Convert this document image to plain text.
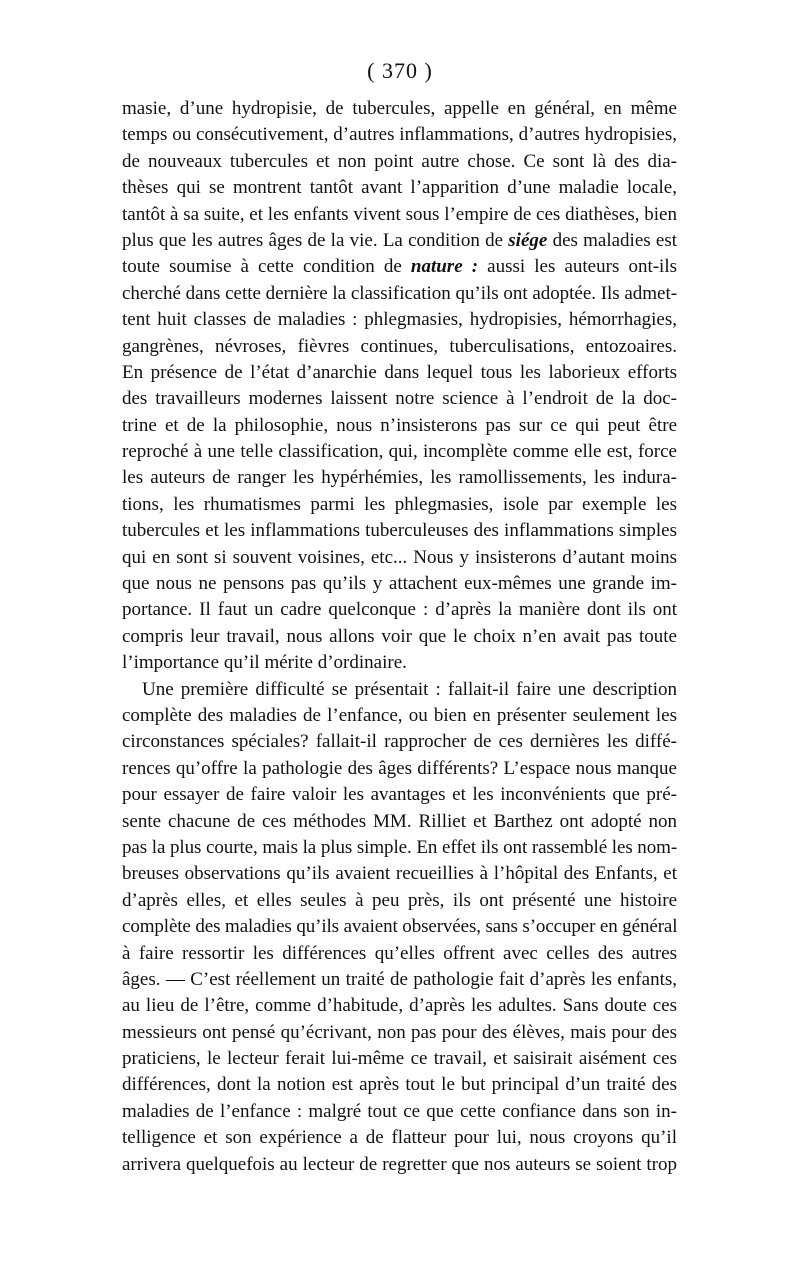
( 370 )
masie, d’une hydropisie, de tubercules, appelle en général, en même
temps ou consécutivement, d’autres inflammations, d’autres hydropisies,
de nouveaux tubercules et non point autre chose. Ce sont là des dia-
thèses qui se montrent tantôt avant l’apparition d’une maladie locale,
tantôt à sa suite, et les enfants vivent sous l’empire de ces diathèses, bien
plus que les autres âges de la vie. La condition de siége des maladies est
toute soumise à cette condition de nature : aussi les auteurs ont-ils
cherché dans cette dernière la classification qu’ils ont adoptée. Ils admet-
tent huit classes de maladies : phlegmasies, hydropisies, hémorrhagies,
gangrènes, névroses, fièvres continues, tuberculisations, entozoaires.
En présence de l’état d’anarchie dans lequel tous les laborieux efforts
des travailleurs modernes laissent notre science à l’endroit de la doc-
trine et de la philosophie, nous n’insisterons pas sur ce qui peut être
reproché à une telle classification, qui, incomplète comme elle est, force
les auteurs de ranger les hypérhémies, les ramollissements, les indura-
tions, les rhumatismes parmi les phlegmasies, isole par exemple les
tubercules et les inflammations tuberculeuses des inflammations simples
qui en sont si souvent voisines, etc... Nous y insisterons d’autant moins
que nous ne pensons pas qu’ils y attachent eux-mêmes une grande im-
portance. Il faut un cadre quelconque : d’après la manière dont ils ont
compris leur travail, nous allons voir que le choix n’en avait pas toute
l’importance qu’il mérite d’ordinaire.
Une première difficulté se présentait : fallait-il faire une description
complète des maladies de l’enfance, ou bien en présenter seulement les
circonstances spéciales? fallait-il rapprocher de ces dernières les diffé-
rences qu’offre la pathologie des âges différents? L’espace nous manque
pour essayer de faire valoir les avantages et les inconvénients que pré-
sente chacune de ces méthodes MM. Rilliet et Barthez ont adopté non
pas la plus courte, mais la plus simple. En effet ils ont rassemblé les nom-
breuses observations qu’ils avaient recueillies à l’hôpital des Enfants, et
d’après elles, et elles seules à peu près, ils ont présenté une histoire
complète des maladies qu’ils avaient observées, sans s’occuper en général
à faire ressortir les différences qu’elles offrent avec celles des autres
âges. — C’est réellement un traité de pathologie fait d’après les enfants,
au lieu de l’être, comme d’habitude, d’après les adultes. Sans doute ces
messieurs ont pensé qu’écrivant, non pas pour des élèves, mais pour des
praticiens, le lecteur ferait lui-même ce travail, et saisirait aisément ces
différences, dont la notion est après tout le but principal d’un traité des
maladies de l’enfance : malgré tout ce que cette confiance dans son in-
telligence et son expérience a de flatteur pour lui, nous croyons qu’il
arrivera quelquefois au lecteur de regretter que nos auteurs se soient trop
